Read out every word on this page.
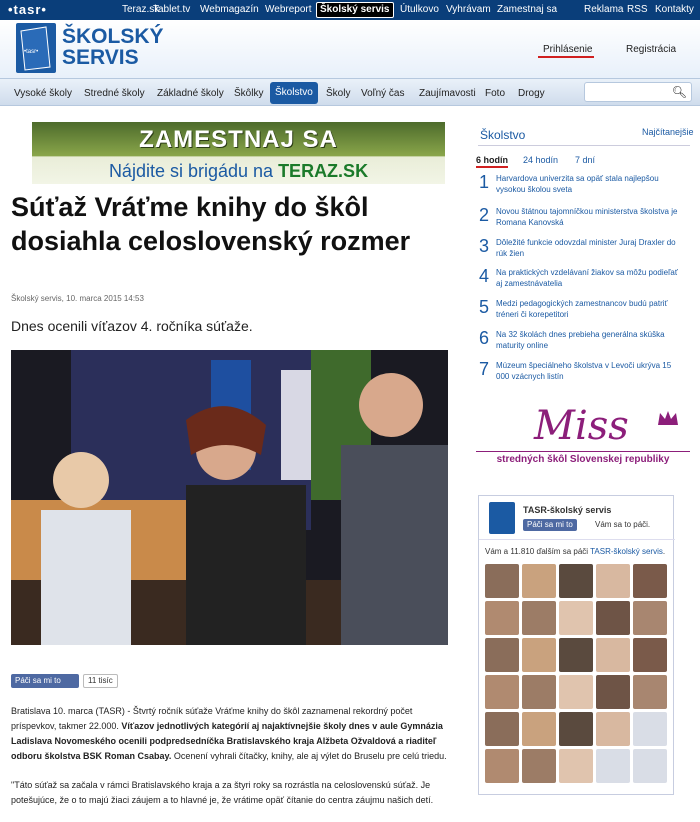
•tasr•	Teraz.sk
Tablet.tv Webmagazín Webreport Školský servis	Útulkovo Vyhrávam Zamestnaj sa	Reklama RSS Kontakty
•tasr•
ŠKOLSKÝ
SERVIS	Prihlásenie	Registrácia
Vysoké školy Stredné školy Základné školy Škôlky	Školstvo	Školy Voľný čas Zaujímavosti Foto Drogy	🔍︎
ZAMESTNAJ SA
Nájdite si brigádu na TERAZ.SK
Súťaž Vráťme knihy do škôl dosiahla celoslovenský rozmer
Školský servis, 10. marca 2015 14:53
Dnes ocenili víťazov 4. ročníka súťaže.
Páči sa mi to	11 tisíc

Bratislava 10. marca (TASR) - Štvrtý ročník súťaže Vráťme knihy do škôl zaznamenal rekordný počet príspevkov, takmer 22.000. Víťazov jednotlivých kategórií aj najaktívnejšie školy dnes v aule Gymnázia Ladislava Novomeského ocenili podpredsedníčka Bratislavského kraja Alžbeta Ožvaldová a riaditeľ odboru školstva BSK Roman Csabay. Ocenení vyhrali čítačky, knihy, ale aj výlet do Bruselu pre celú triedu.

"Táto súťaž sa začala v rámci Bratislavského kraja a za štyri roky sa rozrástla na celoslovenskú súťaž. Je potešujúce, že o to majú žiaci záujem a to hlavné je, že vrátime opäť čítanie do centra záujmu našich detí.

Školstvo	Najčítanejšie
6 hodín 24 hodín 7 dní
1 Harvardova univerzita sa opäť stala najlepšou vysokou školou sveta
2 Novou štátnou tajomníčkou ministerstva školstva je Romana Kanovská
3 Dôležité funkcie odovzdal minister Juraj Draxler do rúk žien
4 Na praktických vzdelávaní žiakov sa môžu podieľať aj zamestnávatelia
5 Medzi pedagogických zamestnancov budú patriť tréneri či korepetitori
6 Na 32 školách dnes prebieha generálna skúška maturity online
7 Múzeum špeciálneho školstva v Levoči ukrýva 15 000 vzácnych listín
Miss
stredných škôl Slovenskej republiky
TASR-školský servis
Páči sa mi to	Vám sa to páči.
Vám a 11.810 ďalším sa páči TASR-školský servis.
